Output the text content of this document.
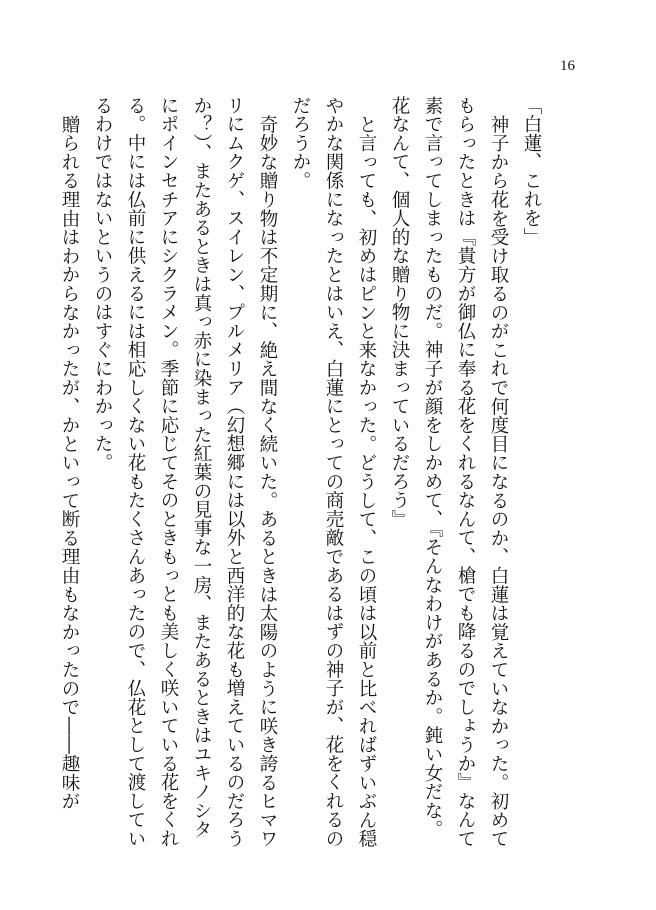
16

「白蓮、これを」

神子から花を受け取るのがこれで何度目になるのか、白蓮は覚えていなかった。初めてもらったときは『貴方が御仏に奉る花をくれるなんて、槍でも降るのでしょうか』なんて素で言ってしまったものだ。神子が顔をしかめて、『そんなわけがあるか。鈍い女だな。花なんて、個人的な贈り物に決まっているだろう』

と言っても、初めはピンと来なかった。どうして、この頃は以前と比べればずいぶん穏やかな関係になったとはいえ、白蓮にとっての商売敵であるはずの神子が、花をくれるのだろうか。

奇妙な贈り物は不定期に、絶え間なく続いた。あるときは太陽のように咲き誇るヒマワリにムクゲ、スイレン、プルメリア（幻想郷には以外と西洋的な花も増えているのだろうか？）、またあるときは真っ赤に染まった紅葉の見事な一房、またあるときはユキノシタにポインセチアにシクラメン。季節に応じてそのときもっとも美しく咲いている花をくれる。中には仏前に供えるには相応しくない花もたくさんあったので、仏花として渡しているわけではないというのはすぐにわかった。

贈られる理由はわからなかったが、かといって断る理由もなかったので――趣味が
